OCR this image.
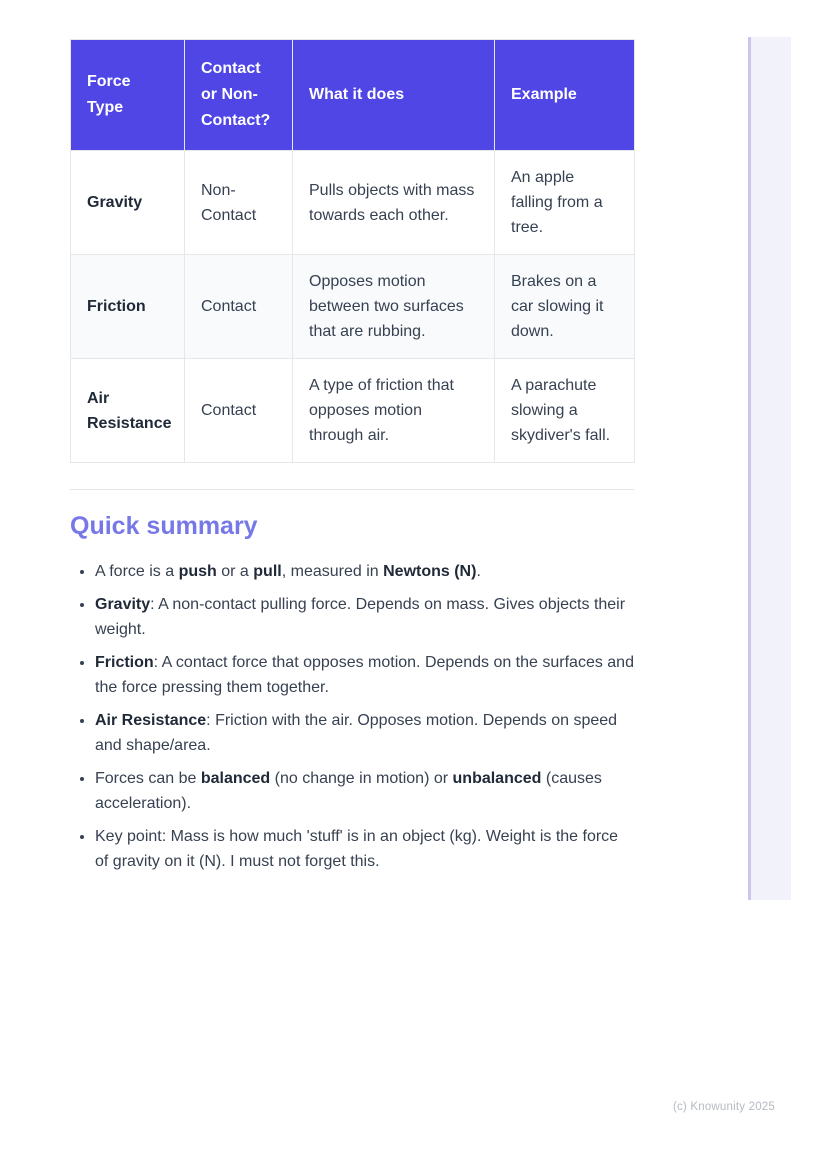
Force Type	Contact or Non-Contact?	What it does	Example
Gravity	Non-Contact	Pulls objects with mass towards each other.	An apple falling from a tree.
Friction	Contact	Opposes motion between two surfaces that are rubbing.	Brakes on a car slowing it down.
Air Resistance	Contact	A type of friction that opposes motion through air.	A parachute slowing a skydiver's fall.
Quick summary
• A force is a push or a pull, measured in Newtons (N).
• Gravity: A non-contact pulling force. Depends on mass. Gives objects their weight.
• Friction: A contact force that opposes motion. Depends on the surfaces and the force pressing them together.
• Air Resistance: Friction with the air. Opposes motion. Depends on speed and shape/area.
• Forces can be balanced (no change in motion) or unbalanced (causes acceleration).
• Key point: Mass is how much 'stuff' is in an object (kg). Weight is the force of gravity on it (N). I must not forget this.
(c) Knowunity 2025
